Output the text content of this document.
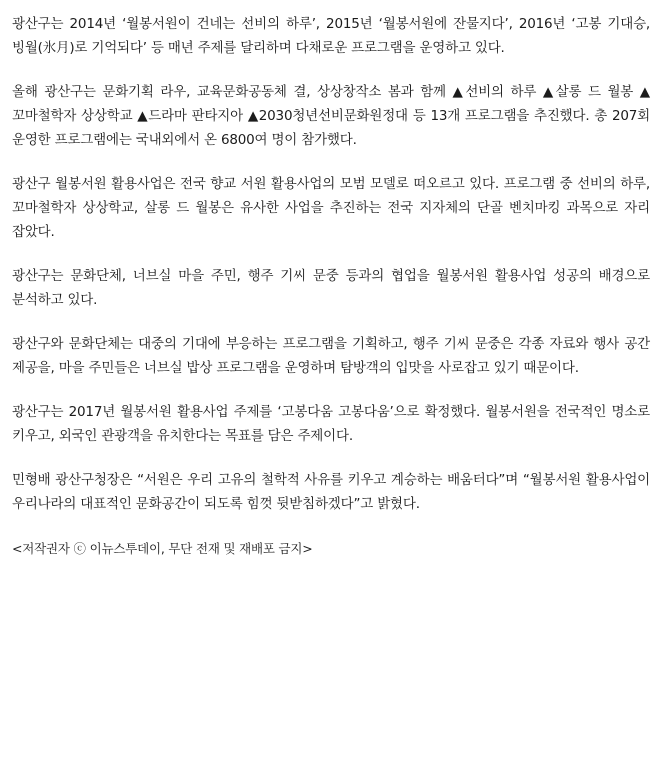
광산구는 2014년 ‘월봉서원이 건네는 선비의 하루’, 2015년 ‘월봉서원에 잔물지다’, 2016년 ‘고봉 기대승, 빙월(氷月)로 기억되다’ 등 매년 주제를 달리하며 다채로운 프로그램을 운영하고 있다.

올해 광산구는 문화기획 라우, 교육문화공동체 결, 상상창작소 봄과 함께 ▲선비의 하루 ▲살롱 드 월봉 ▲꼬마철학자 상상학교 ▲드라마 판타지아 ▲2030청년선비문화원정대 등 13개 프로그램을 추진했다. 총 207회 운영한 프로그램에는 국내외에서 온 6800여 명이 참가했다.

광산구 월봉서원 활용사업은 전국 향교 서원 활용사업의 모범 모델로 떠오르고 있다. 프로그램 중 선비의 하루, 꼬마철학자 상상학교, 살롱 드 월봉은 유사한 사업을 추진하는 전국 지자체의 단골 벤치마킹 과목으로 자리 잡았다.

광산구는 문화단체, 너브실 마을 주민, 행주 기씨 문중 등과의 협업을 월봉서원 활용사업 성공의 배경으로 분석하고 있다.

광산구와 문화단체는 대중의 기대에 부응하는 프로그램을 기획하고, 행주 기씨 문중은 각종 자료와 행사 공간 제공을, 마을 주민들은 너브실 밥상 프로그램을 운영하며 탐방객의 입맛을 사로잡고 있기 때문이다.

광산구는 2017년 월봉서원 활용사업 주제를 ‘고봉다움 고봉다움’으로 확정했다. 월봉서원을 전국적인 명소로 키우고, 외국인 관광객을 유치한다는 목표를 담은 주제이다.

민형배 광산구청장은 “서원은 우리 고유의 철학적 사유를 키우고 계승하는 배움터다”며 “월봉서원 활용사업이 우리나라의 대표적인 문화공간이 되도록 힘껏 뒷받침하겠다”고 밝혔다.

<저작권자 ⓒ 이뉴스투데이, 무단 전재 및 재배포 금지>
